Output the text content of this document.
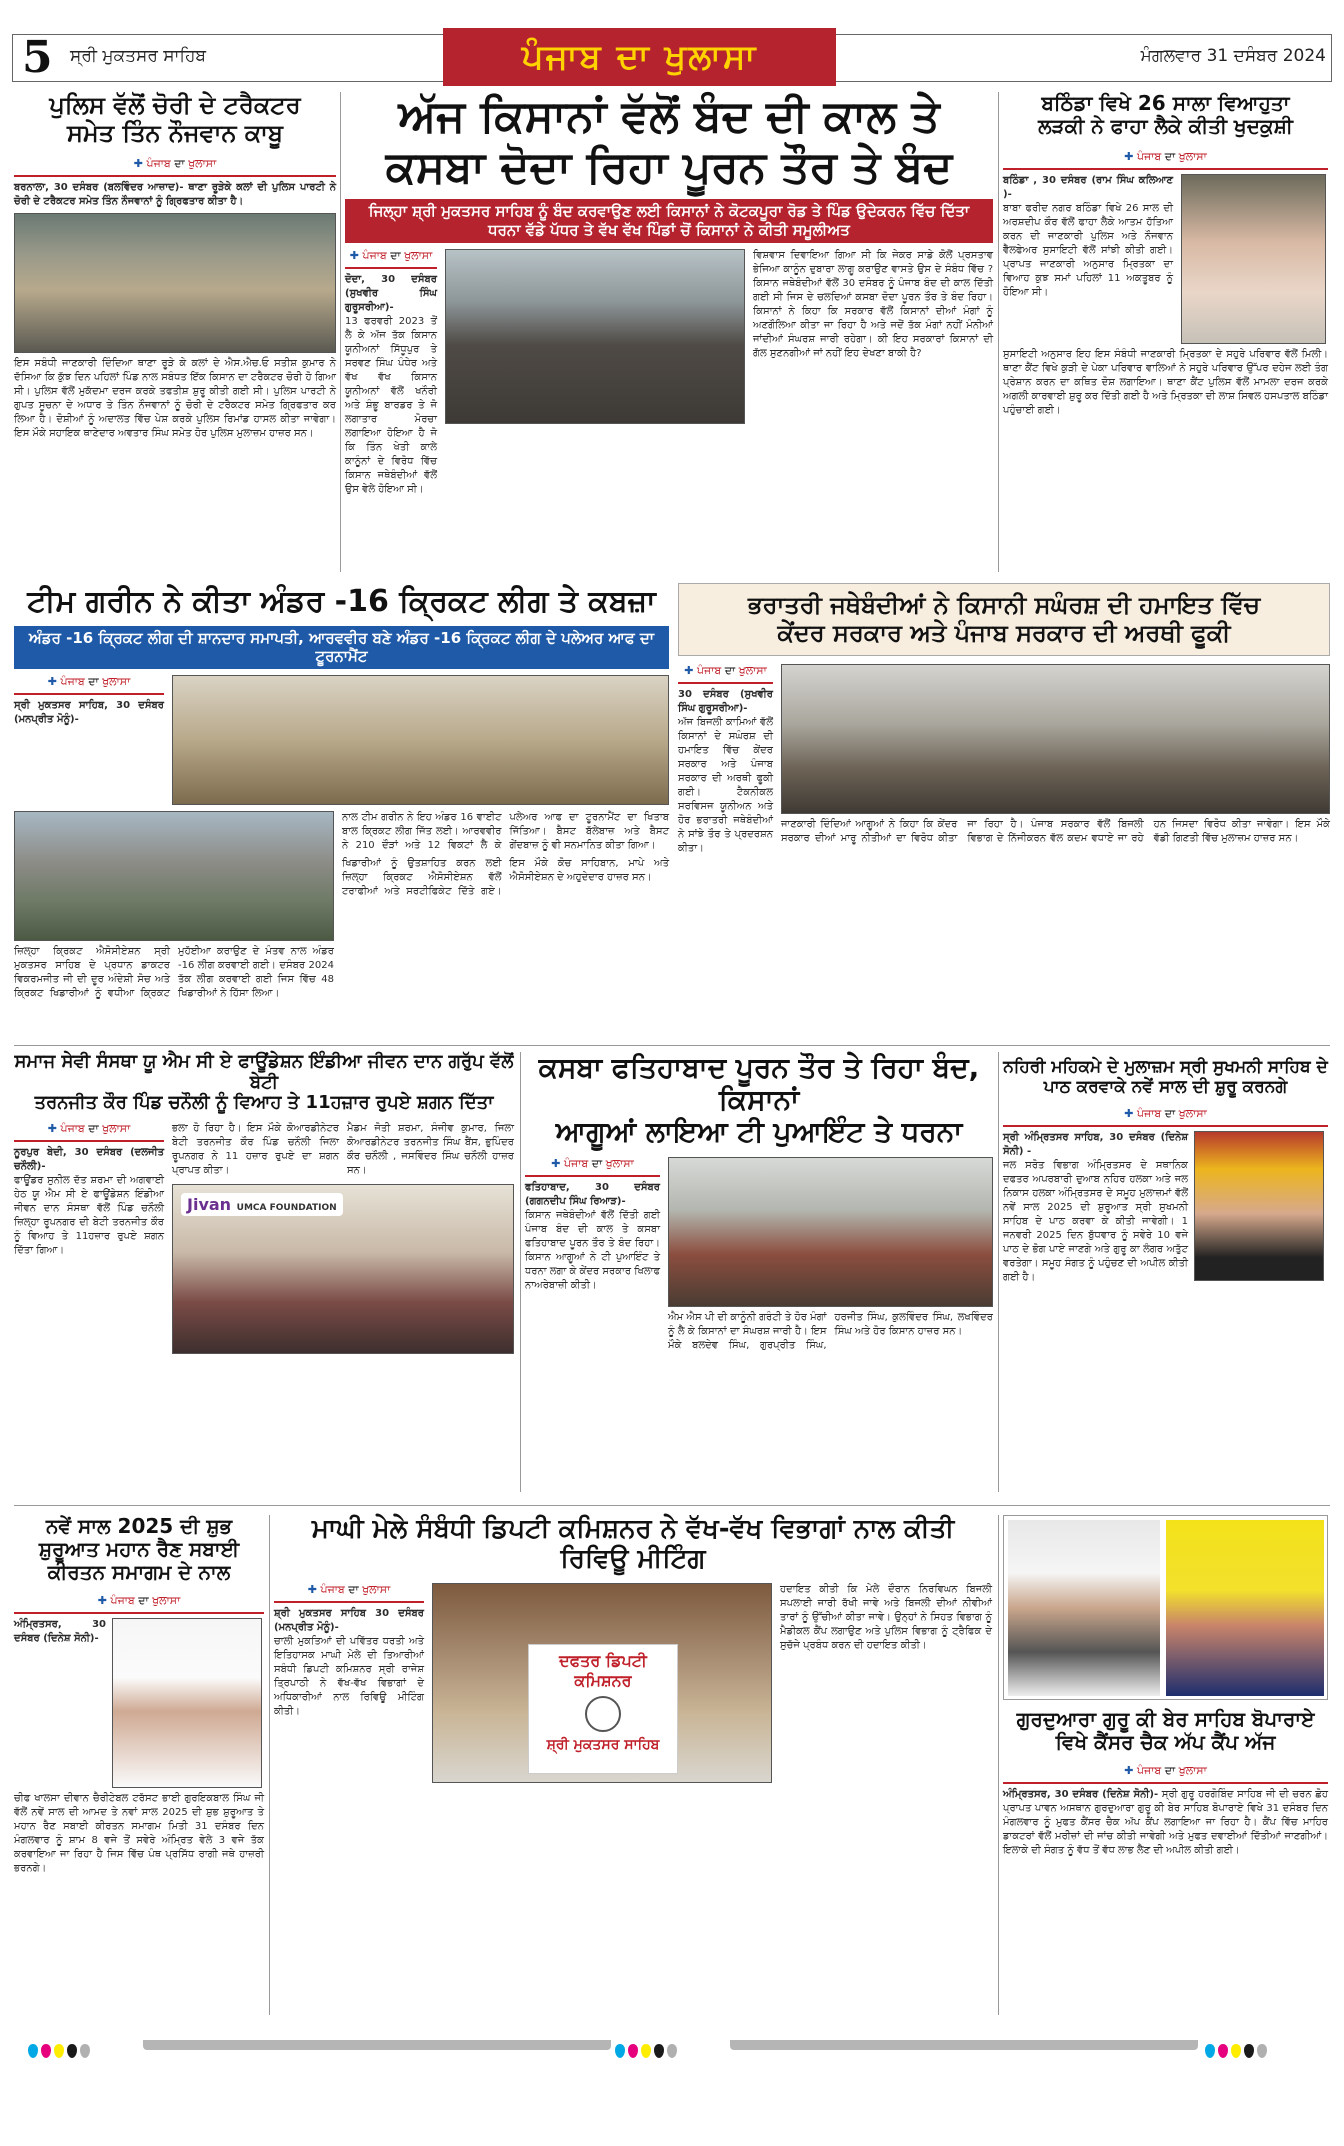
5 ਸ੍ਰੀ ਮੁਕਤਸਰ ਸਾਹਿਬ	ਪੰਜਾਬ ਦਾ ਖੁਲਾਸਾ	ਮੰਗਲਵਾਰ 31 ਦਸੰਬਰ 2024
ਪੁਲਿਸ ਵੱਲੋਂ ਚੋਰੀ ਦੇ ਟਰੈਕਟਰ
ਸਮੇਤ ਤਿੰਨ ਨੌਜਵਾਨ ਕਾਬੂ
✚ ਪੰਜਾਬ ਦਾ ਖੁਲਾਸਾ

ਬਰਨਾਲਾ, 30 ਦਸੰਬਰ (ਬਲਵਿੰਦਰ ਆਜ਼ਾਦ)- ਥਾਣਾ ਰੂੜੇਕੇ ਕਲਾਂ ਦੀ ਪੁਲਿਸ ਪਾਰਟੀ ਨੇ ਚੋਰੀ ਦੇ ਟਰੈਕਟਰ ਸਮੇਤ ਤਿੰਨ ਨੌਜਵਾਨਾਂ ਨੂੰ ਗ੍ਰਿਫਤਾਰ ਕੀਤਾ ਹੈ।

ਇਸ ਸਬੰਧੀ ਜਾਣਕਾਰੀ ਦਿੰਦਿਆ ਥਾਣਾ ਰੂੜੇ ਕੇ ਕਲਾਂ ਦੇ ਐਸ.ਐਚ.ਓ ਸਤੀਸ਼ ਕੁਮਾਰ ਨੇ ਦੱਸਿਆ ਕਿ ਕੁੱਝ ਦਿਨ ਪਹਿਲਾਂ ਪਿੰਡ ਨਾਲ ਸਬੰਧਤ ਇੱਕ ਕਿਸਾਨ ਦਾ ਟਰੈਕਟਰ ਚੋਰੀ ਹੋ ਗਿਆ ਸੀ। ਪੁਲਿਸ ਵੱਲੋਂ ਮੁਕੱਦਮਾ ਦਰਜ ਕਰਕੇ ਤਫਤੀਸ਼ ਸ਼ੁਰੂ ਕੀਤੀ ਗਈ ਸੀ। ਪੁਲਿਸ ਪਾਰਟੀ ਨੇ ਗੁਪਤ ਸੂਚਨਾ ਦੇ ਅਧਾਰ ਤੇ ਤਿੰਨ ਨੌਜਵਾਨਾਂ ਨੂੰ ਚੋਰੀ ਦੇ ਟਰੈਕਟਰ ਸਮੇਤ ਗ੍ਰਿਫਤਾਰ ਕਰ ਲਿਆ ਹੈ। ਦੋਸ਼ੀਆਂ ਨੂੰ ਅਦਾਲਤ ਵਿੱਚ ਪੇਸ਼ ਕਰਕੇ ਪੁਲਿਸ ਰਿਮਾਂਡ ਹਾਸਲ ਕੀਤਾ ਜਾਵੇਗਾ। ਇਸ ਮੌਕੇ ਸਹਾਇਕ ਥਾਣੇਦਾਰ ਅਵਤਾਰ ਸਿੰਘ ਸਮੇਤ ਹੋਰ ਪੁਲਿਸ ਮੁਲਾਜ਼ਮ ਹਾਜ਼ਰ ਸਨ।

ਅੱਜ ਕਿਸਾਨਾਂ ਵੱਲੋਂ ਬੰਦ ਦੀ ਕਾਲ ਤੇ
ਕਸਬਾ ਦੋਦਾ ਰਿਹਾ ਪੂਰਨ ਤੌਰ ਤੇ ਬੰਦ
ਜਿਲ੍ਹਾ ਸ਼੍ਰੀ ਮੁਕਤਸਰ ਸਾਹਿਬ ਨੂੰ ਬੰਦ ਕਰਵਾਉਣ ਲਈ ਕਿਸਾਨਾਂ ਨੇ ਕੋਟਕਪੂਰਾ ਰੋਡ ਤੇ ਪਿੰਡ ਉਦੇਕਰਨ ਵਿੱਚ ਦਿੱਤਾ ਧਰਨਾ ਵੱਡੇ ਪੱਧਰ ਤੇ ਵੱਖ ਵੱਖ ਪਿੰਡਾਂ ਚੋਂ ਕਿਸਾਨਾਂ ਨੇ ਕੀਤੀ ਸਮੂਲੀਅਤ
✚ ਪੰਜਾਬ ਦਾ ਖੁਲਾਸਾ

ਦੋਦਾ, 30 ਦਸੰਬਰ (ਸੁਖਵੀਰ ਸਿੰਘ ਗੁਰੂਸਰੀਆ)-

13 ਫਰਵਰੀ 2023 ਤੋਂ ਲੈ ਕੇ ਅੱਜ ਤੱਕ ਕਿਸਾਨ ਯੂਨੀਅਨਾਂ ਸਿੱਧੂਪੁਰ ਤੇ ਸਰਵਣ ਸਿੰਘ ਪੰਧੇਰ ਅਤੇ ਵੱਖ ਵੱਖ ਕਿਸਾਨ ਯੂਨੀਅਨਾਂ ਵੱਲੋਂ ਖਨੌਰੀ ਅਤੇ ਸ਼ੰਭੂ ਬਾਰਡਰ ਤੇ ਜੋ ਲਗਾਤਾਰ ਮੋਰਚਾ ਲਗਾਇਆ ਹੋਇਆ ਹੈ ਜੋ ਕਿ ਤਿੰਨ ਖੇਤੀ ਕਾਲੇ ਕਾਨੂੰਨਾਂ ਦੇ ਵਿਰੋਧ ਵਿੱਚ ਕਿਸਾਨ ਜਥੇਬੰਦੀਆਂ ਵੱਲੋਂ ਉਸ ਵੇਲੇ ਹੋਇਆ ਸੀ।

ਵਿਸ਼ਵਾਸ ਦਿਵਾਇਆ ਗਿਆ ਸੀ ਕਿ ਜੇਕਰ ਸਾਡੇ ਕੋਲੋਂ ਪ੍ਰਸਤਾਵ ਭੇਜਿਆ ਕਾਨੂੰਨ ਦੁਬਾਰਾ ਲਾਗੂ ਕਰਾਉਣ ਵਾਸਤੇ ਉਸ ਦੇ ਸੰਬੰਧ ਵਿੱਚ ? ਕਿਸਾਨ ਜਥੇਬੰਦੀਆਂ ਵੱਲੋਂ 30 ਦਸੰਬਰ ਨੂੰ ਪੰਜਾਬ ਬੰਦ ਦੀ ਕਾਲ ਦਿੱਤੀ ਗਈ ਸੀ ਜਿਸ ਦੇ ਚਲਦਿਆਂ ਕਸਬਾ ਦੋਦਾ ਪੂਰਨ ਤੌਰ ਤੇ ਬੰਦ ਰਿਹਾ। ਕਿਸਾਨਾਂ ਨੇ ਕਿਹਾ ਕਿ ਸਰਕਾਰ ਵੱਲੋਂ ਕਿਸਾਨਾਂ ਦੀਆਂ ਮੰਗਾਂ ਨੂੰ ਅਣਗੌਲਿਆ ਕੀਤਾ ਜਾ ਰਿਹਾ ਹੈ ਅਤੇ ਜਦੋਂ ਤੱਕ ਮੰਗਾਂ ਨਹੀਂ ਮੰਨੀਆਂ ਜਾਂਦੀਆਂ ਸੰਘਰਸ਼ ਜਾਰੀ ਰਹੇਗਾ। ਕੀ ਇਹ ਸਰਕਾਰਾਂ ਕਿਸਾਨਾਂ ਦੀ ਗੱਲ ਸੁਣਨਗੀਆਂ ਜਾਂ ਨਹੀਂ ਇਹ ਦੇਖਣਾ ਬਾਕੀ ਹੈ?

ਬਠਿੰਡਾ ਵਿਖੇ 26 ਸਾਲਾ ਵਿਆਹੁਤਾ
ਲੜਕੀ ਨੇ ਫਾਹਾ ਲੈਕੇ ਕੀਤੀ ਖੁਦਕੁਸ਼ੀ
✚ ਪੰਜਾਬ ਦਾ ਖੁਲਾਸਾ

ਬਠਿੰਡਾ , 30 ਦਸੰਬਰ (ਰਾਮ ਸਿੰਘ ਕਲਿਆਣ )-

ਬਾਬਾ ਫਰੀਦ ਨਗਰ ਬਠਿੰਡਾ ਵਿਖੇ 26 ਸਾਲ ਦੀ ਅਰਸ਼ਦੀਪ ਕੌਰ ਵੱਲੋਂ ਫਾਹਾ ਲੈਕੇ ਆਤਮ ਹੱਤਿਆ ਕਰਨ ਦੀ ਜਾਣਕਾਰੀ ਪੁਲਿਸ ਅਤੇ ਨੌਜਵਾਨ ਵੈੱਲਫੇਅਰ ਸੁਸਾਇਟੀ ਵੱਲੋਂ ਸਾਂਝੀ ਕੀਤੀ ਗਈ। ਪ੍ਰਾਪਤ ਜਾਣਕਾਰੀ ਅਨੁਸਾਰ ਮ੍ਰਿਤਕਾ ਦਾ ਵਿਆਹ ਕੁਝ ਸਮਾਂ ਪਹਿਲਾਂ 11 ਅਕਤੂਬਰ ਨੂੰ ਹੋਇਆ ਸੀ।

ਸੁਸਾਇਟੀ ਅਨੁਸਾਰ ਇਹ ਇਸ ਸੰਬੰਧੀ ਜਾਣਕਾਰੀ ਮ੍ਰਿਤਕਾ ਦੇ ਸਹੁਰੇ ਪਰਿਵਾਰ ਵੱਲੋਂ ਮਿਲੀ। ਥਾਣਾ ਕੈਂਟ ਵਿਖੇ ਕੁੜੀ ਦੇ ਪੇਕਾ ਪਰਿਵਾਰ ਵਾਲਿਆਂ ਨੇ ਸਹੁਰੇ ਪਰਿਵਾਰ ਉੱਪਰ ਦਹੇਜ ਲਈ ਤੰਗ ਪ੍ਰੇਸ਼ਾਨ ਕਰਨ ਦਾ ਕਥਿਤ ਦੋਸ਼ ਲਗਾਇਆ। ਥਾਣਾ ਕੈਂਟ ਪੁਲਿਸ ਵੱਲੋਂ ਮਾਮਲਾ ਦਰਜ ਕਰਕੇ ਅਗਲੀ ਕਾਰਵਾਈ ਸ਼ੁਰੂ ਕਰ ਦਿੱਤੀ ਗਈ ਹੈ ਅਤੇ ਮ੍ਰਿਤਕਾ ਦੀ ਲਾਸ਼ ਸਿਵਲ ਹਸਪਤਾਲ ਬਠਿੰਡਾ ਪਹੁੰਚਾਈ ਗਈ।

ਟੀਮ ਗਰੀਨ ਨੇ ਕੀਤਾ ਅੰਡਰ -16 ਕ੍ਰਿਕਟ ਲੀਗ ਤੇ ਕਬਜ਼ਾ
ਅੰਡਰ -16 ਕ੍ਰਿਕਟ ਲੀਗ ਦੀ ਸ਼ਾਨਦਾਰ ਸਮਾਪਤੀ, ਆਰਵਵੀਰ ਬਣੇ ਅੰਡਰ -16 ਕ੍ਰਿਕਟ ਲੀਗ ਦੇ ਪਲੇਅਰ ਆਫ ਦਾ ਟੂਰਨਾਮੈਂਟ
✚ ਪੰਜਾਬ ਦਾ ਖੁਲਾਸਾ

ਸ੍ਰੀ ਮੁਕਤਸਰ ਸਾਹਿਬ, 30 ਦਸੰਬਰ (ਮਨਪ੍ਰੀਤ ਮੋਨੂੰ)-

ਜ਼ਿਲ੍ਹਾ ਕ੍ਰਿਕਟ ਐਸੋਸੀਏਸ਼ਨ ਸ੍ਰੀ ਮੁਕਤਸਰ ਸਾਹਿਬ ਦੇ ਪ੍ਰਧਾਨ ਡਾਕਟਰ ਵਿਕਰਮਜੀਤ ਜੀ ਦੀ ਦੂਰ ਅੰਦੇਸ਼ੀ ਸੋਚ ਅਤੇ ਕ੍ਰਿਕਟ ਖਿਡਾਰੀਆਂ ਨੂੰ ਵਧੀਆ ਕ੍ਰਿਕਟ ਮੁਹੱਈਆ ਕਰਾਉਣ ਦੇ ਮੰਤਵ ਨਾਲ ਅੰਡਰ -16 ਲੀਗ ਕਰਵਾਈ ਗਈ। ਦਸੰਬਰ 2024 ਤੱਕ ਲੀਗ ਕਰਵਾਈ ਗਈ ਜਿਸ ਵਿੱਚ 48 ਖਿਡਾਰੀਆਂ ਨੇ ਹਿੱਸਾ ਲਿਆ।

ਨਾਲ ਟੀਮ ਗਰੀਨ ਨੇ ਇਹ ਅੰਡਰ 16 ਵਾਈਟ ਬਾਲ ਕ੍ਰਿਕਟ ਲੀਗ ਜਿੱਤ ਲਈ। ਆਰਵਵੀਰ ਨੇ 210 ਦੌੜਾਂ ਅਤੇ 12 ਵਿਕਟਾਂ ਲੈ ਕੇ ਪਲੇਅਰ ਆਫ ਦਾ ਟੂਰਨਾਮੈਂਟ ਦਾ ਖਿਤਾਬ ਜਿੱਤਿਆ। ਬੈਸਟ ਬੱਲੇਬਾਜ਼ ਅਤੇ ਬੈਸਟ ਗੇਂਦਬਾਜ਼ ਨੂੰ ਵੀ ਸਨਮਾਨਿਤ ਕੀਤਾ ਗਿਆ।

ਖਿਡਾਰੀਆਂ ਨੂੰ ਉਤਸ਼ਾਹਿਤ ਕਰਨ ਲਈ ਜ਼ਿਲ੍ਹਾ ਕ੍ਰਿਕਟ ਐਸੋਸੀਏਸ਼ਨ ਵੱਲੋਂ ਟਰਾਫੀਆਂ ਅਤੇ ਸਰਟੀਫਿਕੇਟ ਦਿੱਤੇ ਗਏ। ਇਸ ਮੌਕੇ ਕੋਚ ਸਾਹਿਬਾਨ, ਮਾਪੇ ਅਤੇ ਐਸੋਸੀਏਸ਼ਨ ਦੇ ਅਹੁਦੇਦਾਰ ਹਾਜ਼ਰ ਸਨ।

ਭਰਾਤਰੀ ਜਥੇਬੰਦੀਆਂ ਨੇ ਕਿਸਾਨੀ ਸਘੰਰਸ਼ ਦੀ ਹਮਾਇਤ ਵਿੱਚ
ਕੇਂਦਰ ਸਰਕਾਰ ਅਤੇ ਪੰਜਾਬ ਸਰਕਾਰ ਦੀ ਅਰਥੀ ਫੂਕੀ
✚ ਪੰਜਾਬ ਦਾ ਖੁਲਾਸਾ

30 ਦਸੰਬਰ (ਸੁਖਵੀਰ ਸਿੰਘ ਗੁਰੂਸਰੀਆ)-

ਅੱਜ ਬਿਜਲੀ ਕਾਮਿਆਂ ਵੱਲੋਂ ਕਿਸਾਨਾਂ ਦੇ ਸਘੰਰਸ਼ ਦੀ ਹਮਾਇਤ ਵਿੱਚ ਕੇਂਦਰ ਸਰਕਾਰ ਅਤੇ ਪੰਜਾਬ ਸਰਕਾਰ ਦੀ ਅਰਥੀ ਫੂਕੀ ਗਈ। ਟੈਕਨੀਕਲ ਸਰਵਿਸਜ ਯੂਨੀਅਨ ਅਤੇ ਹੋਰ ਭਰਾਤਰੀ ਜਥੇਬੰਦੀਆਂ ਨੇ ਸਾਂਝੇ ਤੌਰ ਤੇ ਪ੍ਰਦਰਸ਼ਨ ਕੀਤਾ।

ਜਾਣਕਾਰੀ ਦਿੰਦਿਆਂ ਆਗੂਆਂ ਨੇ ਕਿਹਾ ਕਿ ਕੇਂਦਰ ਸਰਕਾਰ ਦੀਆਂ ਮਾਰੂ ਨੀਤੀਆਂ ਦਾ ਵਿਰੋਧ ਕੀਤਾ ਜਾ ਰਿਹਾ ਹੈ। ਪੰਜਾਬ ਸਰਕਾਰ ਵੱਲੋਂ ਬਿਜਲੀ ਵਿਭਾਗ ਦੇ ਨਿੱਜੀਕਰਨ ਵੱਲ ਕਦਮ ਵਧਾਏ ਜਾ ਰਹੇ ਹਨ ਜਿਸਦਾ ਵਿਰੋਧ ਕੀਤਾ ਜਾਵੇਗਾ। ਇਸ ਮੌਕੇ ਵੱਡੀ ਗਿਣਤੀ ਵਿੱਚ ਮੁਲਾਜ਼ਮ ਹਾਜ਼ਰ ਸਨ।

ਸਮਾਜ ਸੇਵੀ ਸੰਸਥਾ ਯੂ ਐਮ ਸੀ ਏ ਫਾਊਂਡੇਸ਼ਨ ਇੰਡੀਆ ਜੀਵਨ ਦਾਨ ਗਰੁੱਪ ਵੱਲੋਂ ਬੇਟੀ
ਤਰਨਜੀਤ ਕੌਰ ਪਿੰਡ ਚਨੌਲੀ ਨੂੰ ਵਿਆਹ ਤੇ 11ਹਜ਼ਾਰ ਰੁਪਏ ਸ਼ਗਨ ਦਿੱਤਾ
✚ ਪੰਜਾਬ ਦਾ ਖੁਲਾਸਾ

ਨੂਰਪੁਰ ਬੇਦੀ, 30 ਦਸੰਬਰ (ਦਲਜੀਤ ਚਨੌਲੀ)-

ਫਾਊਂਡਰ ਸੁਨੀਲ ਦੱਤ ਸ਼ਰਮਾ ਦੀ ਅਗਵਾਈ ਹੇਠ ਯੂ ਐਮ ਸੀ ਏ ਫਾਊਂਡੇਸ਼ਨ ਇੰਡੀਆ ਜੀਵਨ ਦਾਨ ਸੰਸਥਾ ਵੱਲੋਂ ਪਿੰਡ ਚਨੌਲੀ ਜ਼ਿਲ੍ਹਾ ਰੂਪਨਗਰ ਦੀ ਬੇਟੀ ਤਰਨਜੀਤ ਕੌਰ ਨੂੰ ਵਿਆਹ ਤੇ 11ਹਜ਼ਾਰ ਰੁਪਏ ਸ਼ਗਨ ਦਿੱਤਾ ਗਿਆ।

ਭਲਾ ਹੋ ਰਿਹਾ ਹੈ। ਇਸ ਮੌਕੇ ਕੋਆਰਡੀਨੇਟਰ ਬੇਟੀ ਤਰਨਜੀਤ ਕੌਰ ਪਿੰਡ ਚਨੌਲੀ ਜਿਲਾ ਰੂਪਨਗਰ ਨੇ 11 ਹਜ਼ਾਰ ਰੁਪਏ ਦਾ ਸ਼ਗਨ ਪ੍ਰਾਪਤ ਕੀਤਾ।

ਮੈਡਮ ਜੋਤੀ ਸ਼ਰਮਾ, ਸੰਜੀਵ ਕੁਮਾਰ, ਜਿਲਾ ਕੋਆਰਡੀਨੇਟਰ ਤਰਨਜੀਤ ਸਿੰਘ ਬੈਂਸ, ਭੁਪਿੰਦਰ ਕੌਰ ਚਨੌਲੀ , ਜਸਵਿੰਦਰ ਸਿੰਘ ਚਨੌਲੀ ਹਾਜ਼ਰ ਸਨ।

Jivan UMCA FOUNDATION
ਕਸਬਾ ਫਤਿਹਾਬਾਦ ਪੂਰਨ ਤੌਰ ਤੇ ਰਿਹਾ ਬੰਦ, ਕਿਸਾਨਾਂ
ਆਗੂਆਂ ਲਾਇਆ ਟੀ ਪੁਆਇੰਟ ਤੇ ਧਰਨਾ
✚ ਪੰਜਾਬ ਦਾ ਖੁਲਾਸਾ

ਫਤਿਹਾਬਾਦ, 30 ਦਸੰਬਰ (ਗਗਨਦੀਪ ਸਿੰਘ ਰਿਆੜ)-

ਕਿਸਾਨ ਜਥੇਬੰਦੀਆਂ ਵੱਲੋਂ ਦਿੱਤੀ ਗਈ ਪੰਜਾਬ ਬੰਦ ਦੀ ਕਾਲ ਤੇ ਕਸਬਾ ਫਤਿਹਾਬਾਦ ਪੂਰਨ ਤੌਰ ਤੇ ਬੰਦ ਰਿਹਾ। ਕਿਸਾਨ ਆਗੂਆਂ ਨੇ ਟੀ ਪੁਆਇੰਟ ਤੇ ਧਰਨਾ ਲਗਾ ਕੇ ਕੇਂਦਰ ਸਰਕਾਰ ਖਿਲਾਫ ਨਾਅਰੇਬਾਜ਼ੀ ਕੀਤੀ।

ਐਮ ਐਸ ਪੀ ਦੀ ਕਾਨੂੰਨੀ ਗਰੰਟੀ ਤੇ ਹੋਰ ਮੰਗਾਂ ਨੂੰ ਲੈ ਕੇ ਕਿਸਾਨਾਂ ਦਾ ਸੰਘਰਸ਼ ਜਾਰੀ ਹੈ। ਇਸ ਮੌਕੇ ਬਲਦੇਵ ਸਿੰਘ, ਗੁਰਪ੍ਰੀਤ ਸਿੰਘ, ਹਰਜੀਤ ਸਿੰਘ, ਕੁਲਵਿੰਦਰ ਸਿੰਘ, ਲਖਵਿੰਦਰ ਸਿੰਘ ਅਤੇ ਹੋਰ ਕਿਸਾਨ ਹਾਜ਼ਰ ਸਨ।

ਨਹਿਰੀ ਮਹਿਕਮੇ ਦੇ ਮੁਲਾਜ਼ਮ ਸ੍ਰੀ ਸੁਖਮਨੀ ਸਾਹਿਬ ਦੇ
ਪਾਠ ਕਰਵਾਕੇ ਨਵੇਂ ਸਾਲ ਦੀ ਸ਼ੁਰੂ ਕਰਨਗੇ
✚ ਪੰਜਾਬ ਦਾ ਖੁਲਾਸਾ

ਸ੍ਰੀ ਅੰਮ੍ਰਿਤਸਰ ਸਾਹਿਬ, 30 ਦਸੰਬਰ (ਦਿਨੇਸ਼ ਸੋਨੀ) -

ਜਲ ਸਰੋਤ ਵਿਭਾਗ ਅੰਮ੍ਰਿਤਸਰ ਦੇ ਸਥਾਨਿਕ ਦਫਤਰ ਅਪਰਬਾਰੀ ਦੁਆਬ ਨਹਿਰ ਹਲਕਾ ਅਤੇ ਜਲ ਨਿਕਾਸ ਹਲਕਾ ਅੰਮ੍ਰਿਤਸਰ ਦੇ ਸਮੂਹ ਮੁਲਾਜ਼ਮਾਂ ਵੱਲੋਂ ਨਵੇਂ ਸਾਲ 2025 ਦੀ ਸ਼ੁਰੂਆਤ ਸ੍ਰੀ ਸੁਖਮਨੀ ਸਾਹਿਬ ਦੇ ਪਾਠ ਕਰਵਾ ਕੇ ਕੀਤੀ ਜਾਵੇਗੀ। 1 ਜਨਵਰੀ 2025 ਦਿਨ ਬੁੱਧਵਾਰ ਨੂੰ ਸਵੇਰੇ 10 ਵਜੇ ਪਾਠ ਦੇ ਭੋਗ ਪਾਏ ਜਾਣਗੇ ਅਤੇ ਗੁਰੂ ਕਾ ਲੰਗਰ ਅਤੁੱਟ ਵਰਤੇਗਾ। ਸਮੂਹ ਸੰਗਤ ਨੂੰ ਪਹੁੰਚਣ ਦੀ ਅਪੀਲ ਕੀਤੀ ਗਈ ਹੈ।

ਨਵੇਂ ਸਾਲ 2025 ਦੀ ਸ਼ੁਭ
ਸ਼ੁਰੂਆਤ ਮਹਾਨ ਰੈਣ ਸਬਾਈ
ਕੀਰਤਨ ਸਮਾਗਮ ਦੇ ਨਾਲ
✚ ਪੰਜਾਬ ਦਾ ਖੁਲਾਸਾ

ਅੰਮ੍ਰਿਤਸਰ, 30 ਦਸੰਬਰ (ਦਿਨੇਸ਼ ਸੋਨੀ)-

ਚੀਫ ਖਾਲਸਾ ਦੀਵਾਨ ਚੈਰੀਟੇਬਲ ਟਰੱਸਟ ਭਾਈ ਗੁਰਇਕਬਾਲ ਸਿੰਘ ਜੀ ਵੱਲੋਂ ਨਵੇਂ ਸਾਲ ਦੀ ਆਮਦ ਤੇ ਨਵਾਂ ਸਾਲ 2025 ਦੀ ਸ਼ੁਭ ਸ਼ੁਰੂਆਤ ਤੇ ਮਹਾਨ ਰੈਣ ਸਬਾਈ ਕੀਰਤਨ ਸਮਾਗਮ ਮਿਤੀ 31 ਦਸੰਬਰ ਦਿਨ ਮੰਗਲਵਾਰ ਨੂੰ ਸ਼ਾਮ 8 ਵਜੇ ਤੋਂ ਸਵੇਰੇ ਅੰਮ੍ਰਿਤ ਵੇਲੇ 3 ਵਜੇ ਤੱਕ ਕਰਵਾਇਆ ਜਾ ਰਿਹਾ ਹੈ ਜਿਸ ਵਿੱਚ ਪੰਥ ਪ੍ਰਸਿੱਧ ਰਾਗੀ ਜਥੇ ਹਾਜ਼ਰੀ ਭਰਨਗੇ।

ਮਾਘੀ ਮੇਲੇ ਸੰਬੰਧੀ ਡਿਪਟੀ ਕਮਿਸ਼ਨਰ ਨੇ ਵੱਖ-ਵੱਖ ਵਿਭਾਗਾਂ ਨਾਲ ਕੀਤੀ ਰਿਵਿਊ ਮੀਟਿੰਗ
✚ ਪੰਜਾਬ ਦਾ ਖੁਲਾਸਾ

ਸ਼੍ਰੀ ਮੁਕਤਸਰ ਸਾਹਿਬ 30 ਦਸੰਬਰ (ਮਨਪ੍ਰੀਤ ਮੋਨੂੰ)-

ਚਾਲੀ ਮੁਕਤਿਆਂ ਦੀ ਪਵਿੱਤਰ ਧਰਤੀ ਅਤੇ ਇਤਿਹਾਸਕ ਮਾਘੀ ਮੇਲੇ ਦੀ ਤਿਆਰੀਆਂ ਸਬੰਧੀ ਡਿਪਟੀ ਕਮਿਸ਼ਨਰ ਸ੍ਰੀ ਰਾਜੇਸ਼ ਤ੍ਰਿਪਾਠੀ ਨੇ ਵੱਖ-ਵੱਖ ਵਿਭਾਗਾਂ ਦੇ ਅਧਿਕਾਰੀਆਂ ਨਾਲ ਰਿਵਿਊ ਮੀਟਿੰਗ ਕੀਤੀ।

ਦਫਤਰ ਡਿਪਟੀ ਕਮਿਸ਼ਨਰ
ਸ਼੍ਰੀ ਮੁਕਤਸਰ ਸਾਹਿਬ

ਹਦਾਇਤ ਕੀਤੀ ਕਿ ਮੇਲੇ ਦੌਰਾਨ ਨਿਰਵਿਘਨ ਬਿਜਲੀ ਸਪਲਾਈ ਜਾਰੀ ਰੱਖੀ ਜਾਵੇ ਅਤੇ ਬਿਜਲੀ ਦੀਆਂ ਨੀਵੀਆਂ ਤਾਰਾਂ ਨੂੰ ਉੱਚੀਆਂ ਕੀਤਾ ਜਾਵੇ। ਉਨ੍ਹਾਂ ਨੇ ਸਿਹਤ ਵਿਭਾਗ ਨੂੰ ਮੈਡੀਕਲ ਕੈਂਪ ਲਗਾਉਣ ਅਤੇ ਪੁਲਿਸ ਵਿਭਾਗ ਨੂੰ ਟ੍ਰੈਫਿਕ ਦੇ ਸੁਚੱਜੇ ਪ੍ਰਬੰਧ ਕਰਨ ਦੀ ਹਦਾਇਤ ਕੀਤੀ।

ਗੁਰਦੁਆਰਾ ਗੁਰੂ ਕੀ ਬੇਰ ਸਾਹਿਬ ਬੋਪਾਰਾਏ
ਵਿਖੇ ਕੈਂਸਰ ਚੈਕ ਅੱਪ ਕੈਂਪ ਅੱਜ
✚ ਪੰਜਾਬ ਦਾ ਖੁਲਾਸਾ

ਅੰਮ੍ਰਿਤਸਰ, 30 ਦਸੰਬਰ (ਦਿਨੇਸ਼ ਸੋਨੀ)- ਸ੍ਰੀ ਗੁਰੂ ਹਰਗੋਬਿੰਦ ਸਾਹਿਬ ਜੀ ਦੀ ਚਰਨ ਛੋਹ ਪ੍ਰਾਪਤ ਪਾਵਨ ਅਸਥਾਨ ਗੁਰਦੁਆਰਾ ਗੁਰੂ ਕੀ ਬੇਰ ਸਾਹਿਬ ਬੋਪਾਰਾਏ ਵਿਖੇ 31 ਦਸੰਬਰ ਦਿਨ ਮੰਗਲਵਾਰ ਨੂੰ ਮੁਫਤ ਕੈਂਸਰ ਚੈਕ ਅੱਪ ਕੈਂਪ ਲਗਾਇਆ ਜਾ ਰਿਹਾ ਹੈ। ਕੈਂਪ ਵਿੱਚ ਮਾਹਿਰ ਡਾਕਟਰਾਂ ਵੱਲੋਂ ਮਰੀਜ਼ਾਂ ਦੀ ਜਾਂਚ ਕੀਤੀ ਜਾਵੇਗੀ ਅਤੇ ਮੁਫਤ ਦਵਾਈਆਂ ਦਿੱਤੀਆਂ ਜਾਣਗੀਆਂ। ਇਲਾਕੇ ਦੀ ਸੰਗਤ ਨੂੰ ਵੱਧ ਤੋਂ ਵੱਧ ਲਾਭ ਲੈਣ ਦੀ ਅਪੀਲ ਕੀਤੀ ਗਈ।
